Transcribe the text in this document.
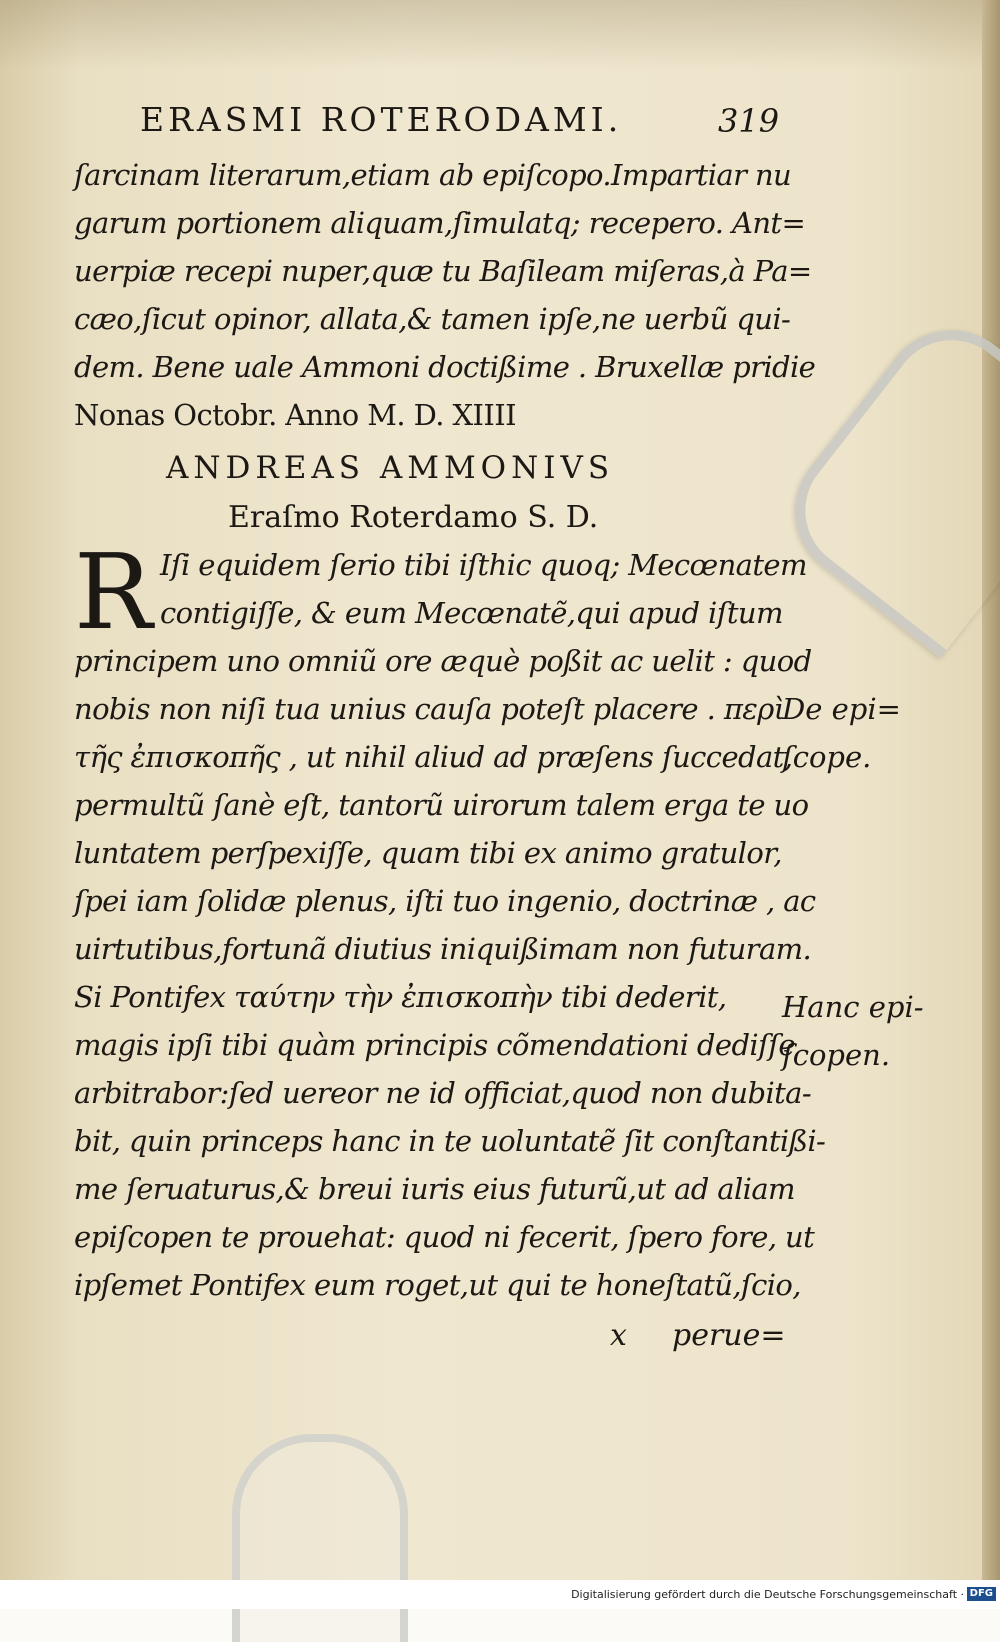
ERASMI ROTERODAMI.	319
ſarcinam literarum,etiam ab epiſcopo.Impartiar nu
garum portionem aliquam,ſimulatq; recepero. Ant=
uerpiæ recepi nuper,quæ tu Baſileam miſeras,à Pa=
cæo,ſicut opinor, allata,& tamen ipſe,ne uerbũ qui-
dem. Bene uale Ammoni doctißime . Bruxellæ pridie
Nonas Octobr. Anno M. D. XIIII
ANDREAS AMMONIVS
Eraſmo Roterdamo S. D.
R Iſi equidem ſerio tibi iſthic quoq; Mecœnatem
contigiſſe, & eum Mecœnatẽ,qui apud iſtum
principem uno omniũ ore æquè poßit ac uelit : quod
nobis non niſi tua unius cauſa poteſt placere . περὶ
τῆς ἐπισκοπῆς , ut nihil aliud ad præſens ſuccedat,
permultũ ſanè eſt, tantorũ uirorum talem erga te uo
luntatem perſpexiſſe, quam tibi ex animo gratulor,
ſpei iam ſolidæ plenus, iſti tuo ingenio, doctrinæ , ac
uirtutibus,fortunã diutius iniquißimam non futuram.
Si Pontifex ταύτην τὴν ἐπισκοπὴν tibi dederit,
magis ipſi tibi quàm principis cõmendationi dediſſe
arbitrabor:ſed uereor ne id officiat,quod non dubita-
bit, quin princeps hanc in te uoluntatẽ ſit conſtantißi-
me ſeruaturus,& breui iuris eius futurũ,ut ad aliam
epiſcopen te prouehat: quod ni fecerit, ſpero fore, ut
ipſemet Pontifex eum roget,ut qui te honeſtatũ,ſcio,
De epi=
ſcope.
Hanc epi-
ſcopen.
x perue=
Digitalisierung gefördert durch die Deutsche Forschungsgemeinschaft · DFG
